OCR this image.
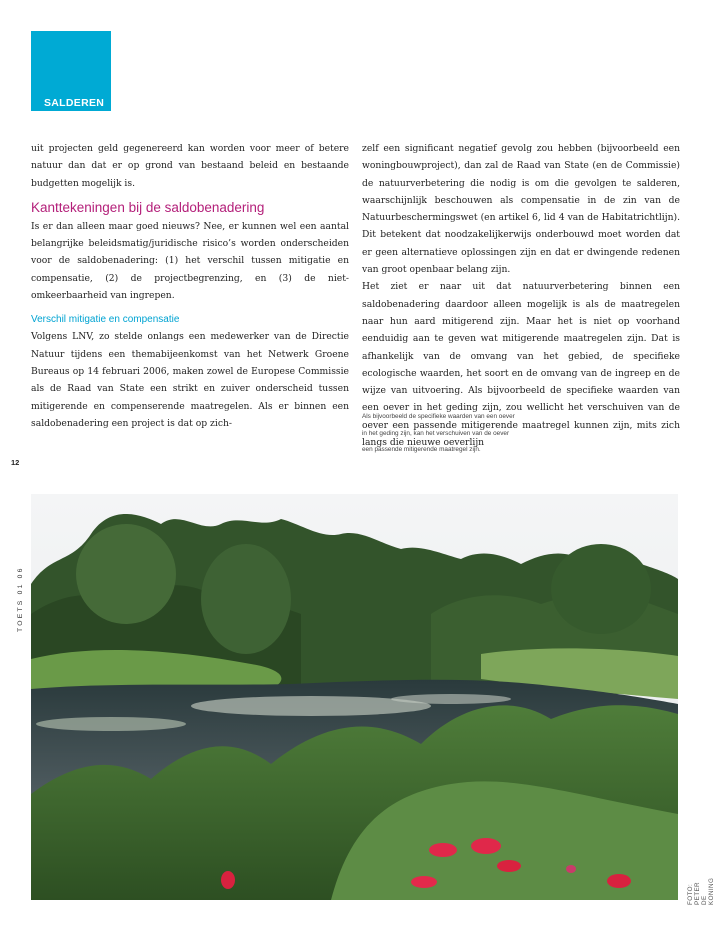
SALDEREN

uit projecten geld gegenereerd kan worden voor meer of betere natuur dan dat er op grond van bestaand beleid en bestaande budgetten mogelijk is.

Kanttekeningen bij de saldobenadering

Is er dan alleen maar goed nieuws? Nee, er kunnen wel een aantal belangrijke beleidsmatig/juridische risico’s worden onderscheiden voor de saldobenadering: (1) het verschil tussen mitigatie en compensatie, (2) de projectbegrenzing, en (3) de niet-omkeerbaarheid van ingrepen.

Verschil mitigatie en compensatie

Volgens LNV, zo stelde onlangs een medewerker van de Directie Natuur tijdens een themabijeenkomst van het Netwerk Groene Bureaus op 14 februari 2006, maken zowel de Europese Commissie als de Raad van State een strikt en zuiver onderscheid tussen mitigerende en compenserende maatregelen. Als er binnen een saldobenadering een project is dat op zich-

zelf een significant negatief gevolg zou hebben (bijvoorbeeld een woningbouwproject), dan zal de Raad van State (en de Commissie) de natuurverbetering die nodig is om die gevolgen te salderen, waarschijnlijk beschouwen als compensatie in de zin van de Natuurbeschermingswet (en artikel 6, lid 4 van de Habitatrichtlijn). Dit betekent dat noodzakelijkerwijs onderbouwd moet worden dat er geen alternatieve oplossingen zijn en dat er dwingende redenen van groot openbaar belang zijn.

Het ziet er naar uit dat natuurverbetering binnen een saldobenadering daardoor alleen mogelijk is als de maatregelen naar hun aard mitigerend zijn. Maar het is niet op voorhand eenduidig aan te geven wat mitigerende maatregelen zijn. Dat is afhankelijk van de omvang van het gebied, de specifieke ecologische waarden, het soort en de omvang van de ingreep en de wijze van uitvoering. Als bijvoorbeeld de specifieke waarden van een oever in het geding zijn, zou wellicht het verschuiven van de oever een passende mitigerende maatregel kunnen zijn, mits zich langs die nieuwe oeverlijn

Als bijvoorbeeld de specifieke waarden van een oever
in het geding zijn, kan het verschuiven van de oever
een passende mitigerende maatregel zijn.
12
TOETS 01 06
FOTO: PETER DE KONING
